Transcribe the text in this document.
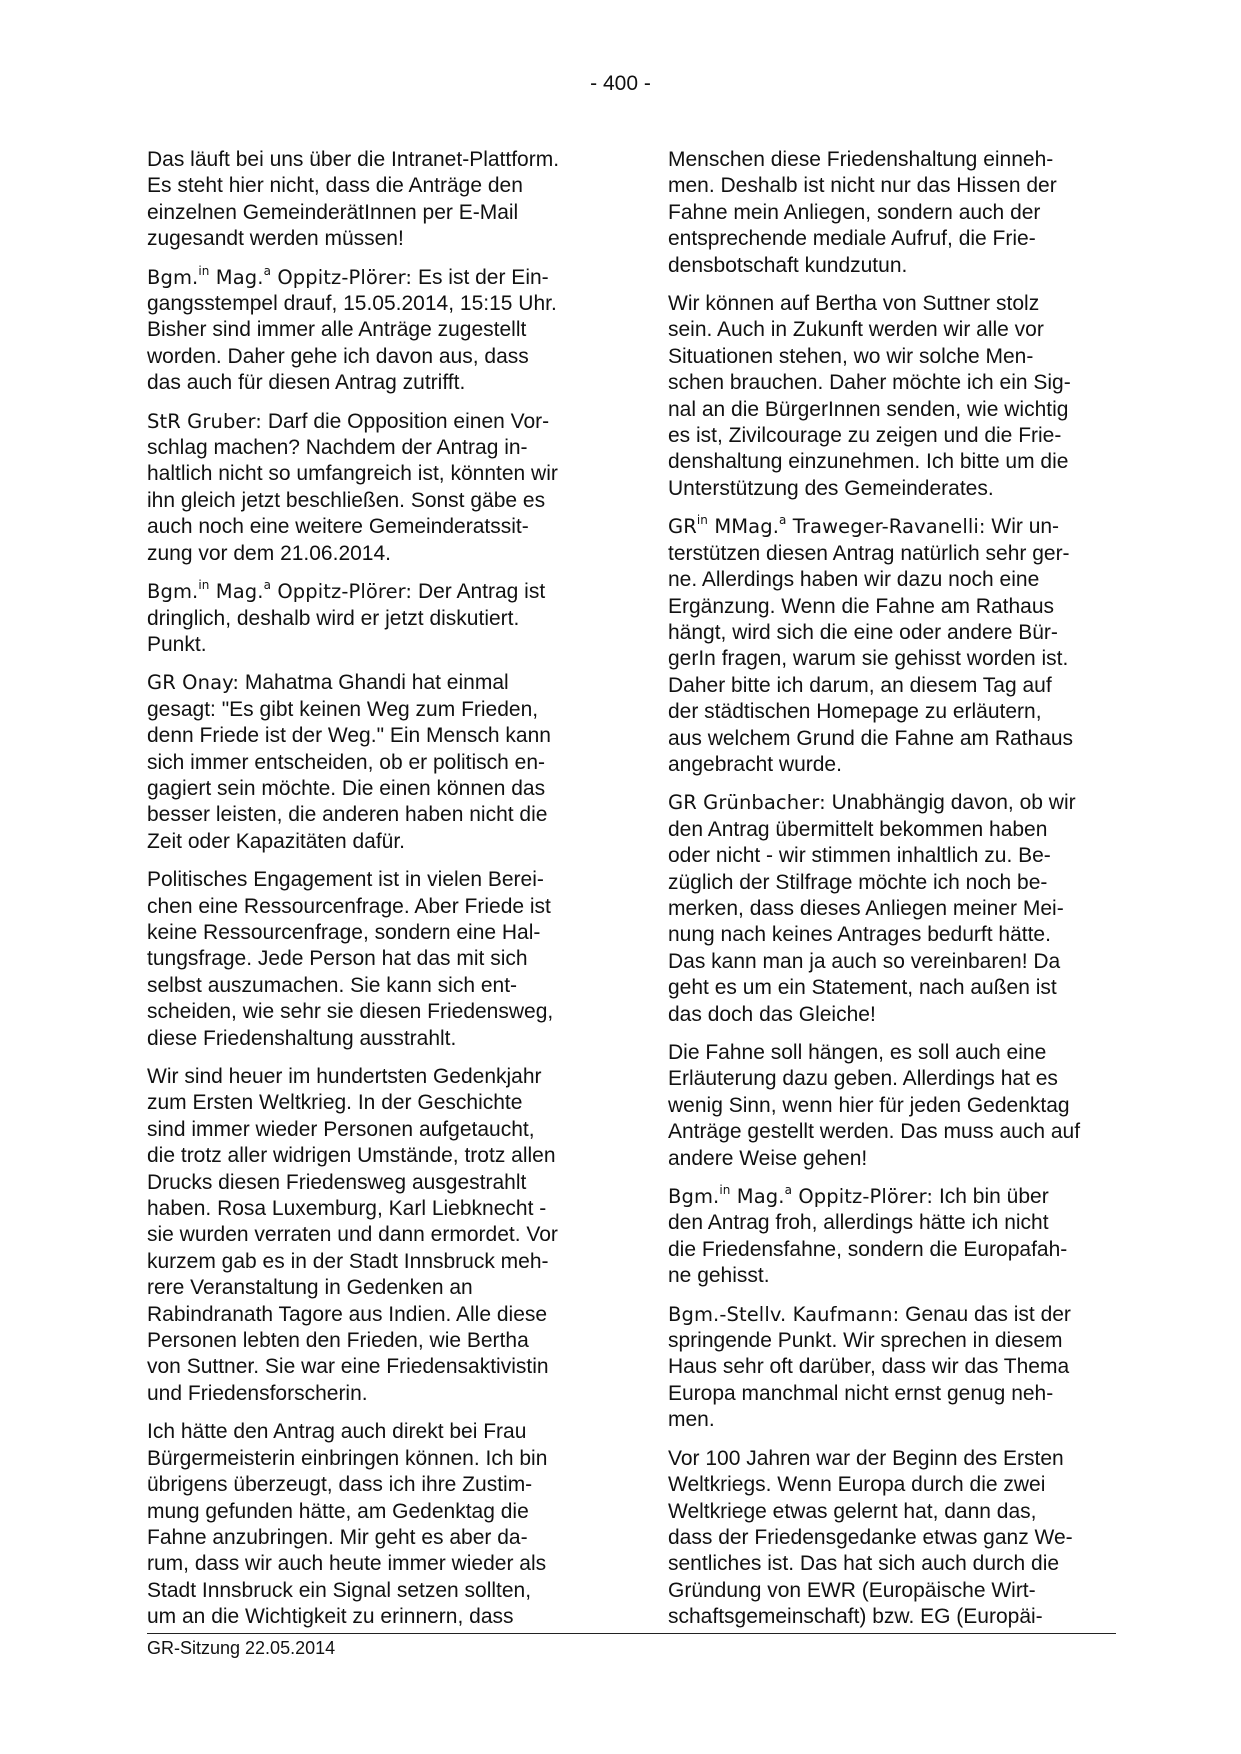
- 400 -

Das läuft bei uns über die Intranet-Plattform.
Es steht hier nicht, dass die Anträge den
einzelnen GemeinderätInnen per E-Mail
zugesandt werden müssen!

Bgm.$^{in}$ Mag.$^a$ Oppitz-Plörer: Es ist der Ein-
gangsstempel drauf, 15.05.2014, 15:15 Uhr.
Bisher sind immer alle Anträge zugestellt
worden. Daher gehe ich davon aus, dass
das auch für diesen Antrag zutrifft.

StR Gruber: Darf die Opposition einen Vor-
schlag machen? Nachdem der Antrag in-
haltlich nicht so umfangreich ist, könnten wir
ihn gleich jetzt beschließen. Sonst gäbe es
auch noch eine weitere Gemeinderatssit-
zung vor dem 21.06.2014.

Bgm.$^{in}$ Mag.$^a$ Oppitz-Plörer: Der Antrag ist
dringlich, deshalb wird er jetzt diskutiert.
Punkt.

GR Onay: Mahatma Ghandi hat einmal
gesagt: "Es gibt keinen Weg zum Frieden,
denn Friede ist der Weg." Ein Mensch kann
sich immer entscheiden, ob er politisch en-
gagiert sein möchte. Die einen können das
besser leisten, die anderen haben nicht die
Zeit oder Kapazitäten dafür.

Politisches Engagement ist in vielen Berei-
chen eine Ressourcenfrage. Aber Friede ist
keine Ressourcenfrage, sondern eine Hal-
tungsfrage. Jede Person hat das mit sich
selbst auszumachen. Sie kann sich ent-
scheiden, wie sehr sie diesen Friedensweg,
diese Friedenshaltung ausstrahlt.

Wir sind heuer im hundertsten Gedenkjahr
zum Ersten Weltkrieg. In der Geschichte
sind immer wieder Personen aufgetaucht,
die trotz aller widrigen Umstände, trotz allen
Drucks diesen Friedensweg ausgestrahlt
haben. Rosa Luxemburg, Karl Liebknecht -
sie wurden verraten und dann ermordet. Vor
kurzem gab es in der Stadt Innsbruck meh-
rere Veranstaltung in Gedenken an
Rabindranath Tagore aus Indien. Alle diese
Personen lebten den Frieden, wie Bertha
von Suttner. Sie war eine Friedensaktivistin
und Friedensforscherin.

Ich hätte den Antrag auch direkt bei Frau
Bürgermeisterin einbringen können. Ich bin
übrigens überzeugt, dass ich ihre Zustim-
mung gefunden hätte, am Gedenktag die
Fahne anzubringen. Mir geht es aber da-
rum, dass wir auch heute immer wieder als
Stadt Innsbruck ein Signal setzen sollten,
um an die Wichtigkeit zu erinnern, dass

Menschen diese Friedenshaltung einneh-
men. Deshalb ist nicht nur das Hissen der
Fahne mein Anliegen, sondern auch der
entsprechende mediale Aufruf, die Frie-
densbotschaft kundzutun.

Wir können auf Bertha von Suttner stolz
sein. Auch in Zukunft werden wir alle vor
Situationen stehen, wo wir solche Men-
schen brauchen. Daher möchte ich ein Sig-
nal an die BürgerInnen senden, wie wichtig
es ist, Zivilcourage zu zeigen und die Frie-
denshaltung einzunehmen. Ich bitte um die
Unterstützung des Gemeinderates.

$GR^{in}$ MMag.$^a$ Traweger-Ravanelli: Wir un-
terstützen diesen Antrag natürlich sehr ger-
ne. Allerdings haben wir dazu noch eine
Ergänzung. Wenn die Fahne am Rathaus
hängt, wird sich die eine oder andere Bür-
gerIn fragen, warum sie gehisst worden ist.
Daher bitte ich darum, an diesem Tag auf
der städtischen Homepage zu erläutern,
aus welchem Grund die Fahne am Rathaus
angebracht wurde.

GR Grünbacher: Unabhängig davon, ob wir
den Antrag übermittelt bekommen haben
oder nicht - wir stimmen inhaltlich zu. Be-
züglich der Stilfrage möchte ich noch be-
merken, dass dieses Anliegen meiner Mei-
nung nach keines Antrages bedurft hätte.
Das kann man ja auch so vereinbaren! Da
geht es um ein Statement, nach außen ist
das doch das Gleiche!

Die Fahne soll hängen, es soll auch eine
Erläuterung dazu geben. Allerdings hat es
wenig Sinn, wenn hier für jeden Gedenktag
Anträge gestellt werden. Das muss auch auf
andere Weise gehen!

Bgm.$^{in}$ Mag.$^a$ Oppitz-Plörer: Ich bin über
den Antrag froh, allerdings hätte ich nicht
die Friedensfahne, sondern die Europafah-
ne gehisst.

Bgm.-Stellv. Kaufmann: Genau das ist der
springende Punkt. Wir sprechen in diesem
Haus sehr oft darüber, dass wir das Thema
Europa manchmal nicht ernst genug neh-
men.

Vor 100 Jahren war der Beginn des Ersten
Weltkriegs. Wenn Europa durch die zwei
Weltkriege etwas gelernt hat, dann das,
dass der Friedensgedanke etwas ganz We-
sentliches ist. Das hat sich auch durch die
Gründung von EWR (Europäische Wirt-
schaftsgemeinschaft) bzw. EG (Europäi-

GR-Sitzung 22.05.2014
